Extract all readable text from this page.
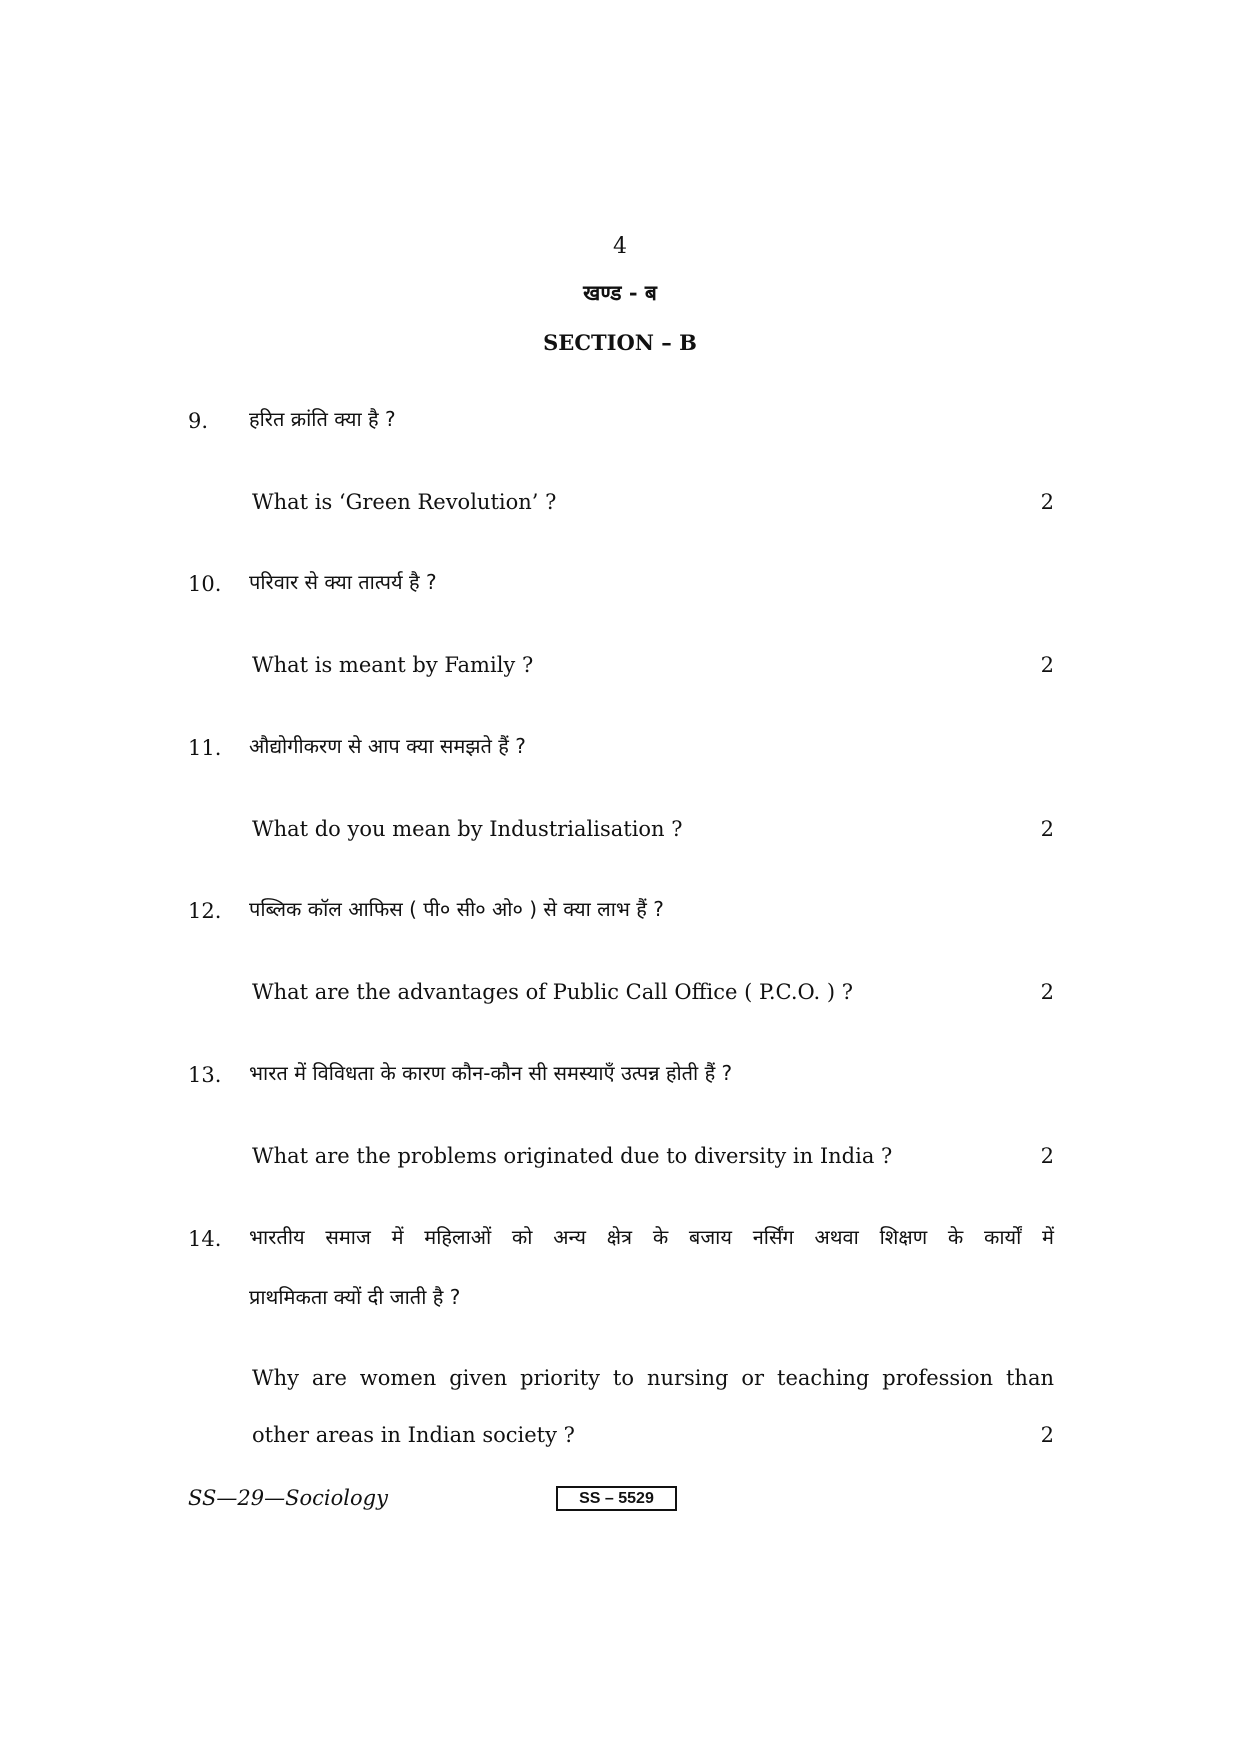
4
खण्ड - ब
SECTION – B
9. हरित क्रांति क्या है ?
What is ‘Green Revolution’ ?	2
10. परिवार से क्या तात्पर्य है ?
What is meant by Family ?	2
11. औद्योगीकरण से आप क्या समझते हैं ?
What do you mean by Industrialisation ?	2
12. पब्लिक कॉल आफिस ( पी० सी० ओ० ) से क्या लाभ हैं ?
What are the advantages of Public Call Office ( P.C.O. ) ?	2
13. भारत में विविधता के कारण कौन-कौन सी समस्याएँ उत्पन्न होती हैं ?
What are the problems originated due to diversity in India ?	2
14. भारतीय समाज में महिलाओं को अन्य क्षेत्र के बजाय नर्सिंग अथवा शिक्षण के कार्यों में
प्राथमिकता क्यों दी जाती है ?
Why are women given priority to nursing or teaching profession than
other areas in Indian society ?	2
SS—29—Sociology	SS – 5529
